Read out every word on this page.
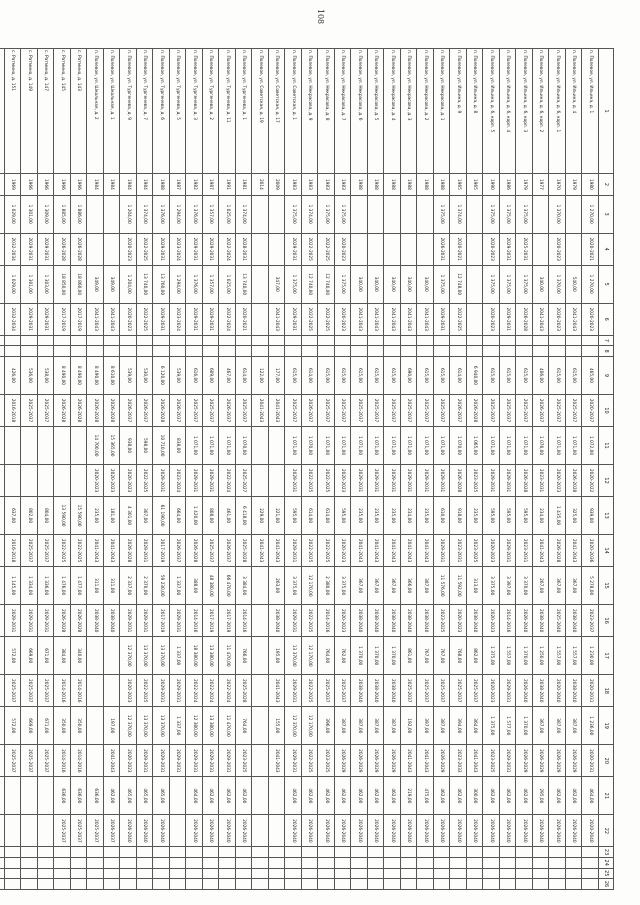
108
1	2	3	4	5	6	7	8	9	10	11	12	13	14	15	16	17	18	19	20	21	22	23	24	25	26
п. Полевое, ул. Ильина, д. 1	1980	1 270,00	2020-2021	1 270,00	2020-2023			465,00	2020-2037	1 072,00	2020-2022	939,00	2020-2036	5 278,00	2023-2037	1 230,00	2020-2031	1 236,00	2020-2031	464,00	2020-2040				
п. Полевое, ул. Ильина, д. 4	1979			540,00	2041-2043			615,00	2025-2037	1 071,00	2026-2028	325,00	2041-2043	367,00	2038-2040	1 557,00	2038-2040	387,00	2026-2029	462,00	2026-2040				
п. Полевое, ул. Ильина, д. 6, корп. 1	1970	1 370,00	2020-2023	1 370,00	2020-2023			615,00	2025-2037	1 071,00	2020-2023	1 435,00	2026-2028	367,00	2025-2040	1 557,00	2020-2040	387,00	2026-2029	462,00	2026-2040				
п. Полевое, ул. Ильина, д. 6, корп. 2	1977			340,00	2041-2043			406,00	2026-2037	1 076,00	2023-2031	234,00	2041-2043	267,00	2038-2040	1 250,00	2038-2040	367,00	2026-2029	295,00	2026-2040				
п. Полевое, ул. Ильина, д. 6, корп. 3	1979	1 375,00	2025-2031	1 375,00	2026-2028			615,00	2025-2037	1 071,00	2026-2028	595,00	2023-2031	3 370,00	2026-2040	1 370,00	2026-2040	1 370,00	2026-2029	462,00	2026-2040				
п. Полевое, ул. Ильина, д. 6, корп. 4	1986	1 375,00	2029-2031	1 375,00	2029-2031			615,00	2025-2037	1 071,00	2029-2031	595,00	2029-2031	3 397,00	2014-2016	1 557,00	2029-2031	1 577,00	2029-2031	462,00	2026-2040				
п. Полевое, ул. Ильина, д. 6, корп. 5	1990	1 375,00	2020-2023	1 375,00	2020-2023			615,00	2025-2037	1 071,00	2029-2031	595,00	2020-2023	3 375,00	2020-2023	1 375,00	2020-2023	1 375,00	2023-2025	462,00	2026-2040				
п. Полевое, ул. Ильина, д. 8	1965							6 940,00	2026-2028	1 065,00	2023-2025	235,00	2023-2025	313,00	2038-2040	862,00	2025-2037	364,00	2041-2043	300,00	2026-2040				
п. Полевое, ул. Ильина, д. 9	1965	1 374,00	2020-2021	12 748,00	2022-2025			614,00	2026-2037	1 070,00	2026-2028	918,00	2023-2031	11 592,00	2020-2023	768,00	2025-2037	394,00	2023-2033	462,00	2026-2040				
п. Полевое, ул. Некрасова, д. 1	1988	1 375,00	2026-2031	1 375,00	2029-2031			615,00	2025-2037	1 071,00	2029-2031	610,00	2029-2031	11 576,00	2023-2025	767,00	2025-2037	387,00	2026-2029	462,00	2026-2040				
п. Полевое, ул. Некрасова, д. 2	1988			340,00	2041-2043			615,00	2025-2037	1 071,00	2029-2031	235,00	2041-2043	387,00	2038-2040	767,00	2025-2037	397,00	2041-2043	475,00	2026-2040				
п. Полевое, ул. Некрасова, д. 3	1988			340,00	2041-2043			690,00	2025-2037	1 071,00	2029-2031	234,00	2041-2043	366,00	2038-2040	861,00	2025-2037	192,00	2041-2043	219,00	2026-2040				
п. Полевое, ул. Некрасова, д. 4	1988			340,00	2041-2043			615,00	2025-2037	1 071,00	2029-2031	235,00	2041-2043	367,00	2038-2040	1 370,00	2038-2040	387,00	2026-2029	462,00	2026-2040				
п. Полевое, ул. Некрасова, д. 5	1988			340,00	2041-2043			615,00	2025-2037	1 071,00	2029-2031	235,00	2041-2043	367,00	2038-2040	1 370,00	2038-2040	387,00	2026-2029	462,00	2026-2040				
п. Полевое, ул. Некрасова, д. 6	1988			340,00	2041-2043			615,00	2025-2037	1 071,00	2029-2031	235,00	2041-2043	367,00	2038-2040	1 370,00	2038-2040	387,00	2026-2029	462,00	2026-2040				
п. Полевое, ул. Некрасова, д. 7	1983	1 375,00	2020-2023	1 375,00	2020-2023			615,00	2025-2037	1 071,00	2020-2023	595,00	2020-2023	3 375,00	2020-2023	762,00	2025-2037	387,00	2026-2029	462,00	2026-2040				
п. Полевое, ул. Некрасова, д. 8	1983	1 375,00	2022-2025	12 740,00	2022-2025			615,00	2025-2037	1 071,00	2022-2025	614,00	2022-2025	2 380,00	2014-2016	764,00	2025-2037	396,00	2023-2025	462,00	2026-2040				
п. Полевое, ул. Некрасова, д. 9	1983	1 374,00	2022-2025	12 740,00	2022-2025			614,00	2026-2037	1 070,00	2022-2025	614,00	2022-2025	12 170,00	2022-2025	12 170,00	2022-2025	12 170,00	2022-2025	462,00	2026-2040				
п. Полевое, ул. Советская, д. 1	1983	1 375,00	2029-2031	1 375,00	2029-2031			615,00	2025-2037	1 071,00	2029-2031	595,00	2029-2031	3 375,00	2029-2031	13 370,00	2029-2031	12 370,00	2029-2031	462,00	2026-2040				
п. Полевое, ул. Советская, д. 17	2009			347,00	2041-2043			177,00	2041-2043			221,00	2041-2043	263,00	2038-2040	195,00	2041-2043	155,00	2041-2043						
п. Полевое, ул. Советская, д. 19	2014							122,00	2041-2043			229,00	2041-2043												
п. Полевое, ул. Тургенева, д. 1	1981	1 374,00	2028-2031	13 740,00	2020-2021			614,00	2025-2037	1 070,00	2025-2027	6 418,00	2025-2028	3 384,00	2014-2016	766,00	2025-2028	764,00	2023-2025	462,00	2026-2040				
п. Полевое, ул. Тургенева, д. 11	1991	1 025,00	2022-2024	1 025,00	2022-2024			467,00	2026-2037	1 071,00	2022-2024	461,00	2026-2037	66 470,00	2017-2019	11 470,00	2022-2024	11 470,00	2029-2031	462,00	2026-2040				
п. Полевое, ул. Тургенева, д. 2	1987	1 357,00	2029-2031	1 357,00	2029-2031			609,00	2025-2037	1 071,00	2029-2031	808,00	2025-2037	48 380,00	2017-2019	13 380,00	2022-2024	13 380,00	2029-2031	462,00	2026-2040				
п. Полевое, ул. Тургенева, д. 3	1982	1 376,00	2029-2031	1 376,00	2029-2031			616,00	2025-2037	1 071,00	2029-2031	1 420,00	2026-2028	388,00	2014-2016	18 380,00	2022-2024	12 380,00	2029-2031	464,00	2026-2040				
п. Полевое, ул. Тургенева, д. 5	1987	1 294,00	2023-2024	1 294,00	2023-2024			539,00	2026-2037	838,00	2023-2024	664,00	2026-2037	1 337,00	2029-2031	1 337,00	2029-2031	1 337,00	2029-2031						
п. Полевое, ул. Тургенева, д. 6	1988	1 376,00	2029-2031	13 760,00	2029-2031			6 120,00	2026-2028	10 710,00	2029-2031	61 190,00	2017-2019	59 230,00	2017-2019	13 370,00	2029-2031	13 370,00	2029-2031	465,00	2026-2040				
п. Полевое, ул. Тургенева, д. 7	1984	1 374,00	2022-2025	13 740,00	2022-2025			530,00	2026-2037	598,00	2022-2025	307,00	2029-2031	2 370,00	2029-2031	13 370,00	2022-2025	13 370,00	2029-2031	465,00	2026-2040				
п. Полевое, ул. Тургенева, д. 9	1984	1 204,00	2020-2023	1 204,00	2020-2023			539,00	2026-2037	938,00	2020-2023	4 301,00	2026-2028	2 337,00	2029-2031	12 370,00	2020-2023	12 370,00	2020-2023	465,00	2026-2040				
п. Полевое, ул. Школьная, д. 1	1984			349,00	2041-2043			8 610,00	2026-2028	15 365,00	2020-2023	181,00	2041-2043	311,00	2038-2040			197,00	2041-2043	462,00	2026-2037				
п. Полевое, ул. Школьная, д. 2	1984			349,00	2041-2043			8 490,00	2026-2028	14 700,00	2020-2023	235,00	2041-2043	311,00	2038-2040					636,00	2025-2037				
с. Ратмино, д. 143	1966	1 886,00	2026-2028	18 860,00	2017-2019			8 490,00	2026-2028			15 590,00	2022-2025	1 477,00	2026-2028	340,00	2014-2016	350,00	2014-2016	636,00	2025-2037				
с. Ратмино, д. 145	1966	1 885,00	2026-2028	18 850,00	2017-2019			8 490,00	2026-2028			13 590,00	2022-2025	1 476,00	2026-2028	384,00	2014-2016	350,00	2014-2016	636,00	2025-2037				
с. Ратмино, д. 147	1966	1 309,00	2029-2031	1 303,00	2029-2031			538,00	2025-2037			804,00	2025-2037	1 336,00	2029-2031	671,00	2025-2037	671,00	2025-2037						
с. Ратмино, д. 149	1966	1 301,00	2029-2031	1 301,00	2029-2031			536,00	2025-2037			802,00	2025-2037	1 334,00	2029-2031	669,00	2025-2037	669,00	2025-2037						
с. Ратмино, д. 151	1969	1 029,00	2032-2034	1 029,00	2032-2034			426,00	2016-2018			637,00	2016-2018	1 145,00	2029-2031	572,00	2025-2037	572,00	2025-2037						
